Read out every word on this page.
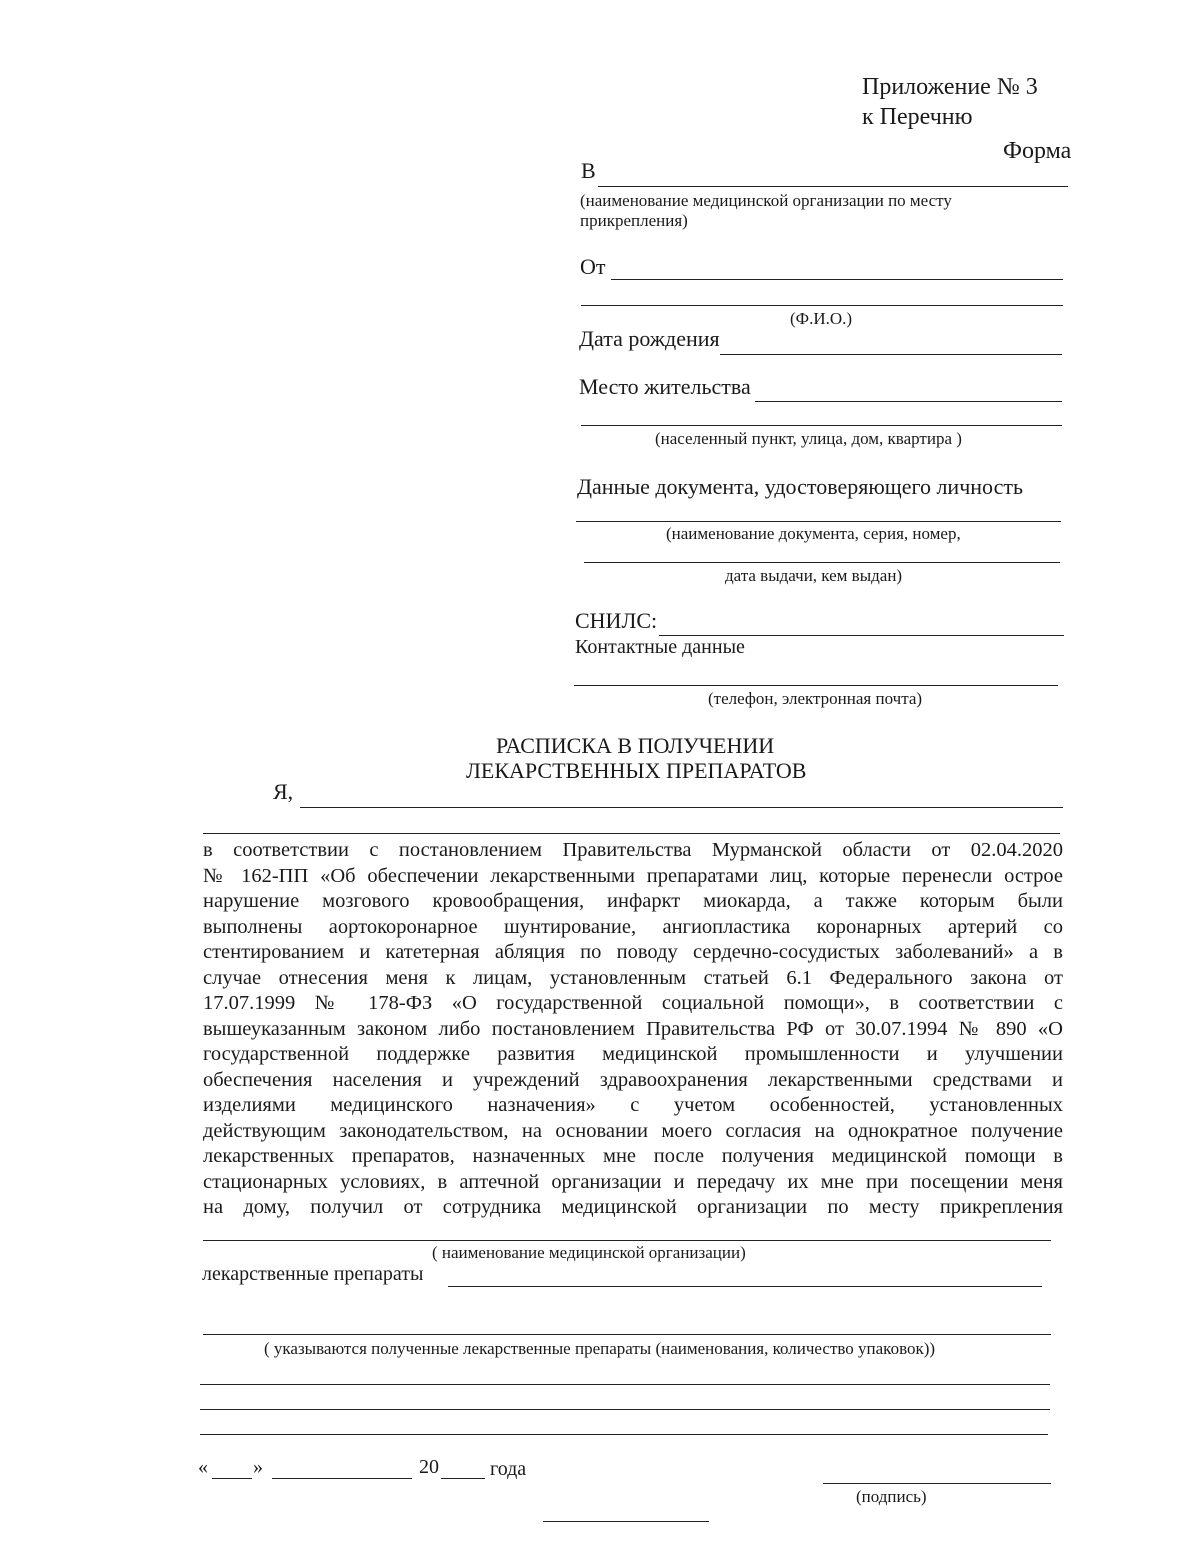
Приложение № 3
к Перечню
Форма
В
(наименование медицинской организации по месту прикрепления)
От
(Ф.И.О.)
Дата рождения
Место жительства
(населенный пункт, улица, дом, квартира )
Данные документа, удостоверяющего личность
(наименование документа, серия, номер,
дата выдачи, кем выдан)
СНИЛС:
Контактные данные
(телефон, электронная почта)
РАСПИСКА В ПОЛУЧЕНИИ
ЛЕКАРСТВЕННЫХ ПРЕПАРАТОВ
Я,
в соответствии с постановлением Правительства Мурманской области от 02.04.2020
№ 162-ПП «Об обеспечении лекарственными препаратами лиц, которые перенесли острое
нарушение мозгового кровообращения, инфаркт миокарда, а также которым были
выполнены аортокоронарное шунтирование, ангиопластика коронарных артерий со
стентированием и катетерная абляция по поводу сердечно-сосудистых заболеваний» а в
случае отнесения меня к лицам, установленным статьей 6.1 Федерального закона от
17.07.1999 № 178-ФЗ «О государственной социальной помощи», в соответствии с
вышеуказанным законом либо постановлением Правительства РФ от 30.07.1994 № 890 «О
государственной поддержке развития медицинской промышленности и улучшении
обеспечения населения и учреждений здравоохранения лекарственными средствами и
изделиями медицинского назначения» с учетом особенностей, установленных
действующим законодательством, на основании моего согласия на однократное получение
лекарственных препаратов, назначенных мне после получения медицинской помощи в
стационарных условиях, в аптечной организации и передачу их мне при посещении меня
на дому, получил от сотрудника медицинской организации по месту прикрепления
( наименование медицинской организации)
лекарственные препараты
( указываются полученные лекарственные препараты (наименования, количество упаковок))
« »	20	года
(подпись)
